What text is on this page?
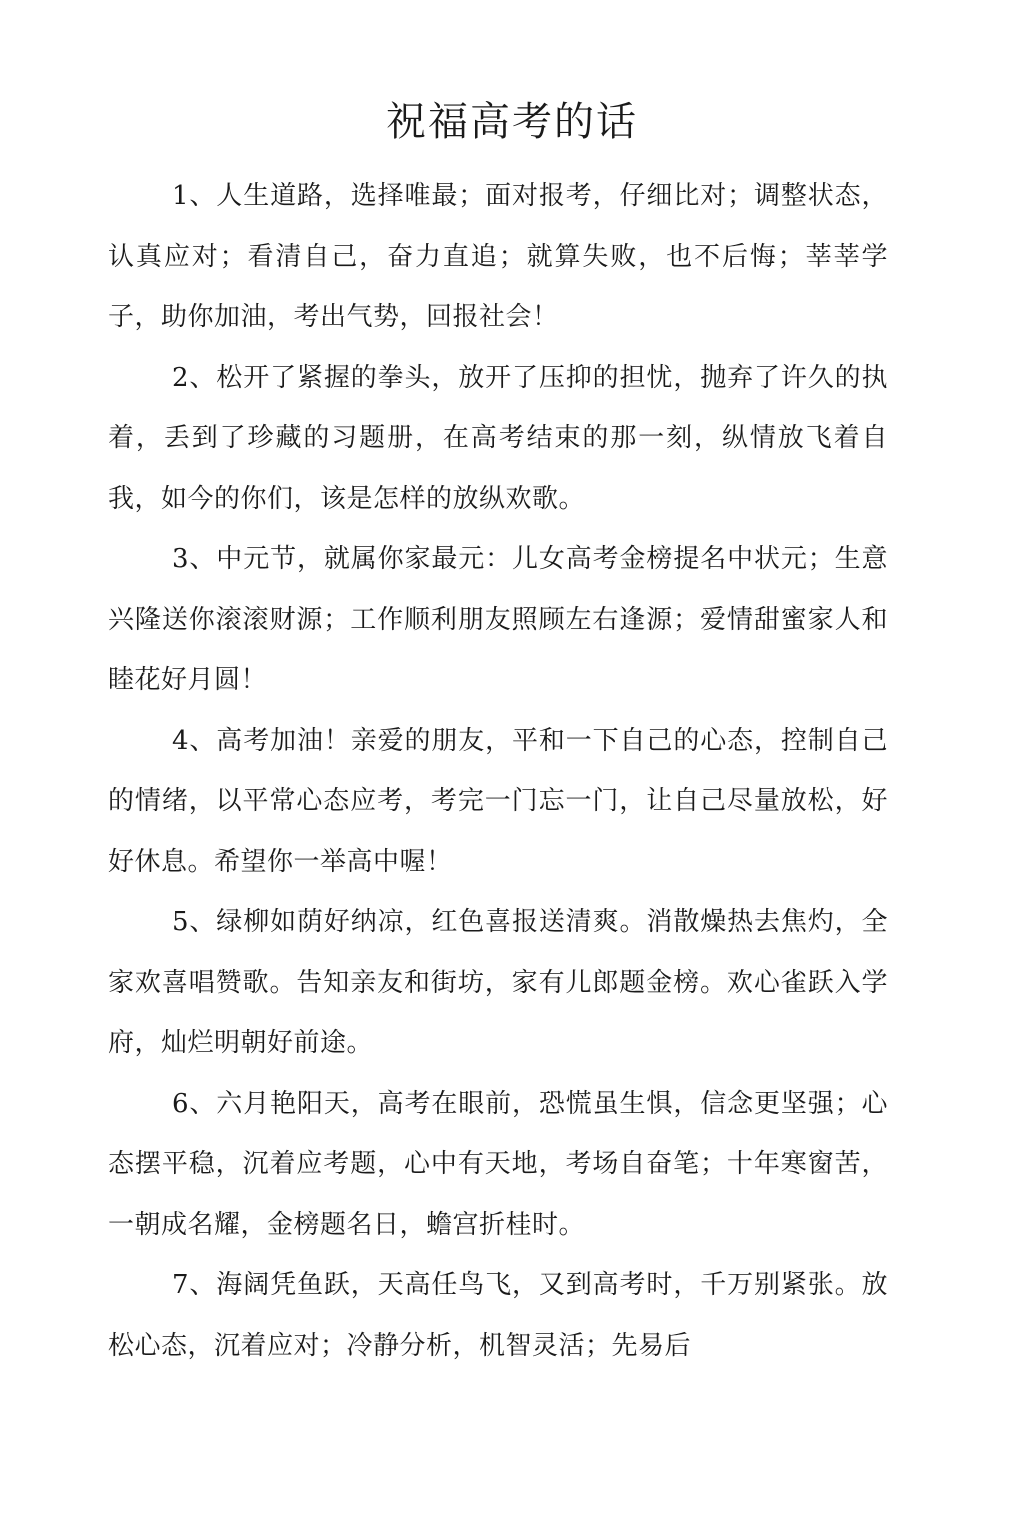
祝福高考的话

1、人生道路，选择唯最；面对报考，仔细比对；调整状态，认真应对；看清自己，奋力直追；就算失败，也不后悔；莘莘学子，助你加油，考出气势，回报社会！

2、松开了紧握的拳头，放开了压抑的担忧，抛弃了许久的执着，丢到了珍藏的习题册，在高考结束的那一刻，纵情放飞着自我，如今的你们，该是怎样的放纵欢歌。

3、中元节，就属你家最元：儿女高考金榜提名中状元；生意兴隆送你滚滚财源；工作顺利朋友照顾左右逢源；爱情甜蜜家人和睦花好月圆！

4、高考加油！亲爱的朋友，平和一下自己的心态，控制自己的情绪，以平常心态应考，考完一门忘一门，让自己尽量放松，好好休息。希望你一举高中喔！

5、绿柳如荫好纳凉，红色喜报送清爽。消散燥热去焦灼，全家欢喜唱赞歌。告知亲友和街坊，家有儿郎题金榜。欢心雀跃入学府，灿烂明朝好前途。

6、六月艳阳天，高考在眼前，恐慌虽生惧，信念更坚强；心态摆平稳，沉着应考题，心中有天地，考场自奋笔；十年寒窗苦，一朝成名耀，金榜题名日，蟾宫折桂时。

7、海阔凭鱼跃，天高任鸟飞，又到高考时，千万别紧张。放松心态，沉着应对；冷静分析，机智灵活；先易后
